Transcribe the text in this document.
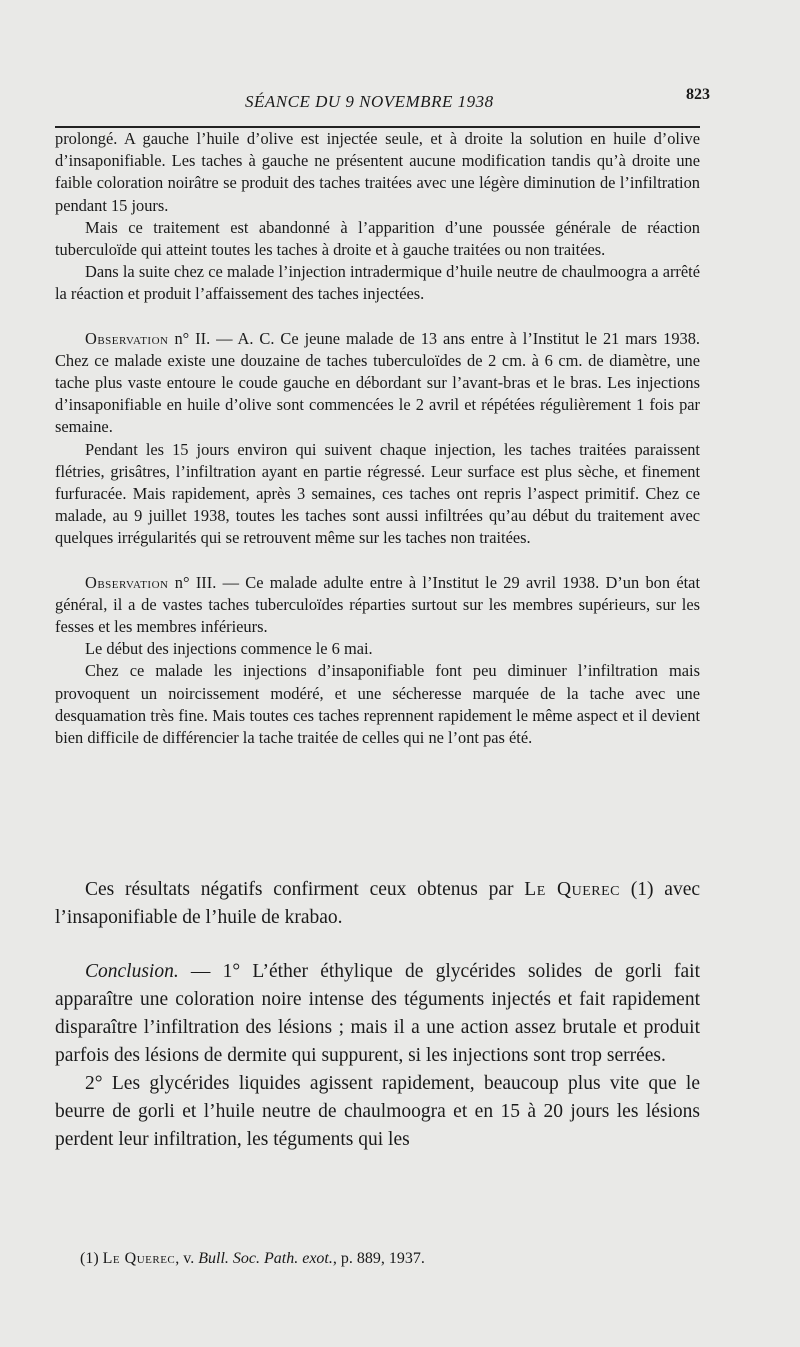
SÉANCE DU 9 NOVEMBRE 1938	823

prolongé. A gauche l’huile d’olive est injectée seule, et à droite la solution en huile d’olive d’insaponifiable. Les taches à gauche ne présentent aucune modification tandis qu’à droite une faible coloration noirâtre se produit des taches traitées avec une légère diminution de l’infiltration pendant 15 jours.

Mais ce traitement est abandonné à l’apparition d’une poussée générale de réaction tuberculoïde qui atteint toutes les taches à droite et à gauche traitées ou non traitées.

Dans la suite chez ce malade l’injection intradermique d’huile neutre de chaulmoogra a arrêté la réaction et produit l’affaissement des taches injectées.

Observation n° II. — A. C. Ce jeune malade de 13 ans entre à l’Institut le 21 mars 1938. Chez ce malade existe une douzaine de taches tuberculoïdes de 2 cm. à 6 cm. de diamètre, une tache plus vaste entoure le coude gauche en débordant sur l’avant-bras et le bras. Les injections d’insaponifiable en huile d’olive sont commencées le 2 avril et répétées régulièrement 1 fois par semaine.

Pendant les 15 jours environ qui suivent chaque injection, les taches traitées paraissent flétries, grisâtres, l’infiltration ayant en partie régressé. Leur surface est plus sèche, et finement furfuracée. Mais rapidement, après 3 semaines, ces taches ont repris l’aspect primitif. Chez ce malade, au 9 juillet 1938, toutes les taches sont aussi infiltrées qu’au début du traitement avec quelques irrégularités qui se retrouvent même sur les taches non traitées.

Observation n° III. — Ce malade adulte entre à l’Institut le 29 avril 1938. D’un bon état général, il a de vastes taches tuberculoïdes réparties surtout sur les membres supérieurs, sur les fesses et les membres inférieurs.

Le début des injections commence le 6 mai.

Chez ce malade les injections d’insaponifiable font peu diminuer l’infiltration mais provoquent un noircissement modéré, et une sécheresse marquée de la tache avec une desquamation très fine. Mais toutes ces taches reprennent rapidement le même aspect et il devient bien difficile de différencier la tache traitée de celles qui ne l’ont pas été.

Ces résultats négatifs confirment ceux obtenus par Le Querec (1) avec l’insaponifiable de l’huile de krabao.

Conclusion. — 1° L’éther éthylique de glycérides solides de gorli fait apparaître une coloration noire intense des téguments injectés et fait rapidement disparaître l’infiltration des lésions ; mais il a une action assez brutale et produit parfois des lésions de dermite qui suppurent, si les injections sont trop serrées.

2° Les glycérides liquides agissent rapidement, beaucoup plus vite que le beurre de gorli et l’huile neutre de chaulmoogra et en 15 à 20 jours les lésions perdent leur infiltration, les téguments qui les

(1) Le Querec, v. Bull. Soc. Path. exot., p. 889, 1937.
